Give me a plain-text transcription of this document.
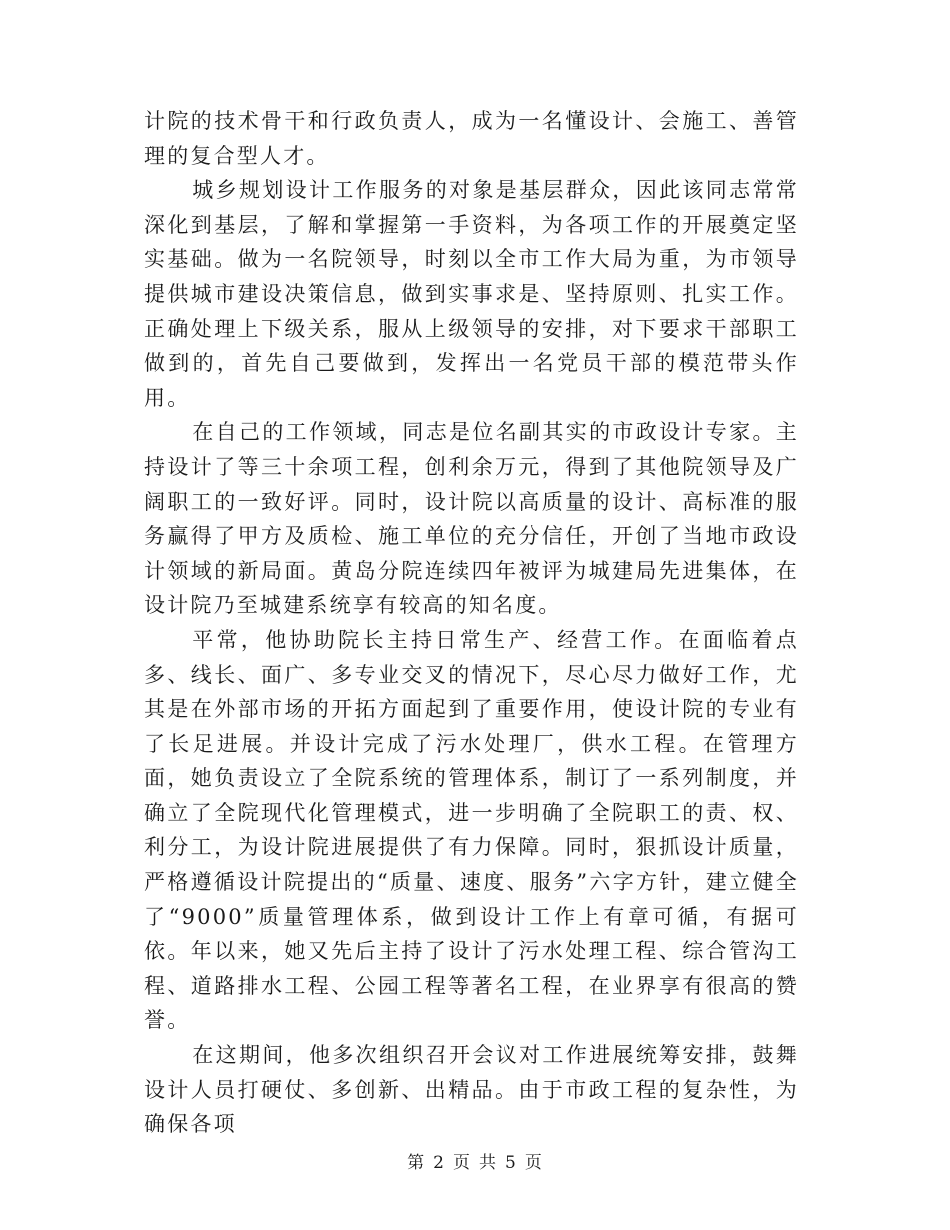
计院的技术骨干和行政负责人，成为一名懂设计、会施工、善管理的复合型人才。

城乡规划设计工作服务的对象是基层群众，因此该同志常常深化到基层，了解和掌握第一手资料，为各项工作的开展奠定坚实基础。做为一名院领导，时刻以全市工作大局为重，为市领导提供城市建设决策信息，做到实事求是、坚持原则、扎实工作。正确处理上下级关系，服从上级领导的安排，对下要求干部职工做到的，首先自己要做到，发挥出一名党员干部的模范带头作用。

在自己的工作领域，同志是位名副其实的市政设计专家。主持设计了等三十余项工程，创利余万元，得到了其他院领导及广阔职工的一致好评。同时，设计院以高质量的设计、高标准的服务赢得了甲方及质检、施工单位的充分信任，开创了当地市政设计领域的新局面。黄岛分院连续四年被评为城建局先进集体，在设计院乃至城建系统享有较高的知名度。

平常，他协助院长主持日常生产、经营工作。在面临着点多、线长、面广、多专业交叉的情况下，尽心尽力做好工作，尤其是在外部市场的开拓方面起到了重要作用，使设计院的专业有了长足进展。并设计完成了污水处理厂，供水工程。在管理方面，她负责设立了全院系统的管理体系，制订了一系列制度，并确立了全院现代化管理模式，进一步明确了全院职工的责、权、利分工，为设计院进展提供了有力保障。同时，狠抓设计质量，严格遵循设计院提出的“质量、速度、服务”六字方针，建立健全了“9000”质量管理体系，做到设计工作上有章可循，有据可依。年以来，她又先后主持了设计了污水处理工程、综合管沟工程、道路排水工程、公园工程等著名工程，在业界享有很高的赞誉。

在这期间，他多次组织召开会议对工作进展统筹安排，鼓舞设计人员打硬仗、多创新、出精品。由于市政工程的复杂性，为确保各项

第 2 页 共 5 页
